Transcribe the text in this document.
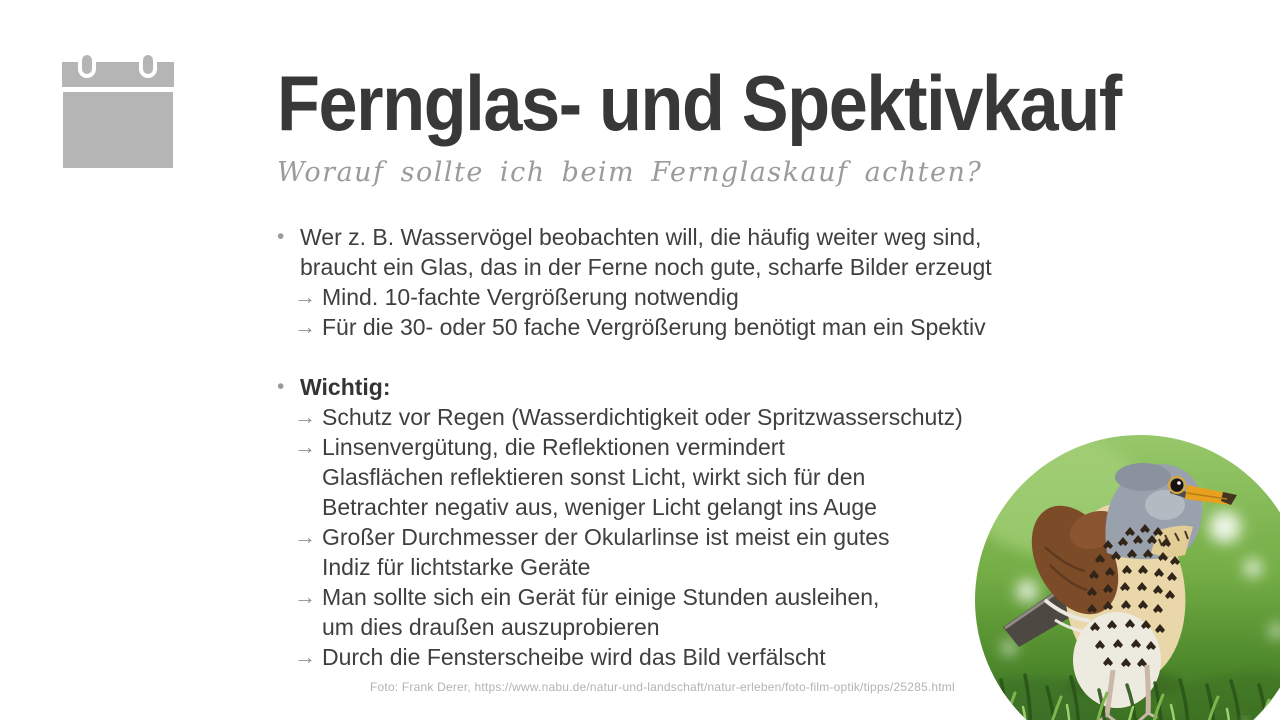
Fernglas- und Spektivkauf
Worauf sollte ich beim Fernglaskauf achten?
• Wer z. B. Wasservögel beobachten will, die häufig weiter weg sind,
braucht ein Glas, das in der Ferne noch gute, scharfe Bilder erzeugt
→ Mind. 10-fachte Vergrößerung notwendig
→ Für die 30- oder 50 fache Vergrößerung benötigt man ein Spektiv
• Wichtig:
→ Schutz vor Regen (Wasserdichtigkeit oder Spritzwasserschutz)
→ Linsenvergütung, die Reflektionen vermindert
Glasflächen reflektieren sonst Licht, wirkt sich für den
Betrachter negativ aus, weniger Licht gelangt ins Auge
→ Großer Durchmesser der Okularlinse ist meist ein gutes
Indiz für lichtstarke Geräte
→ Man sollte sich ein Gerät für einige Stunden ausleihen,
um dies draußen auszuprobieren
→ Durch die Fensterscheibe wird das Bild verfälscht
Foto: Frank Derer, https://www.nabu.de/natur-und-landschaft/natur-erleben/foto-film-optik/tipps/25285.html
